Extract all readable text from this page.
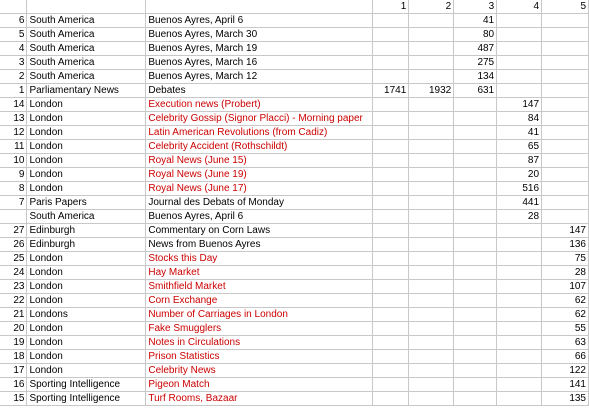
			1	2	3	4	5
6	South America	Buenos Ayres, April 6			41		
5	South America	Buenos Ayres, March 30			80		
4	South America	Buenos Ayres, March 19			487		
3	South America	Buenos Ayres, March 16			275		
2	South America	Buenos Ayres, March 12			134		
1	Parliamentary News	Debates	1741	1932	631		
14	London	Execution news (Probert)				147	
13	London	Celebrity Gossip (Signor Placci) - Morning paper				84	
12	London	Latin American Revolutions (from Cadiz)				41	
11	London	Celebrity Accident (Rothschildt)				65	
10	London	Royal News (June 15)				87	
9	London	Royal News (June 19)				20	
8	London	Royal News (June 17)				516	
7	Paris Papers	Journal des Debats of Monday				441	
	South America	Buenos Ayres, April 6				28	
27	Edinburgh	Commentary on Corn Laws					147
26	Edinburgh	News from Buenos Ayres					136
25	London	Stocks this Day					75
24	London	Hay Market					28
23	London	Smithfield Market					107
22	London	Corn Exchange					62
21	Londons	Number of Carriages in London					62
20	London	Fake Smugglers					55
19	London	Notes in Circulations					63
18	London	Prison Statistics					66
17	London	Celebrity News					122
16	Sporting Intelligence	Pigeon Match					141
15	Sporting Intelligence	Turf Rooms, Bazaar					135
